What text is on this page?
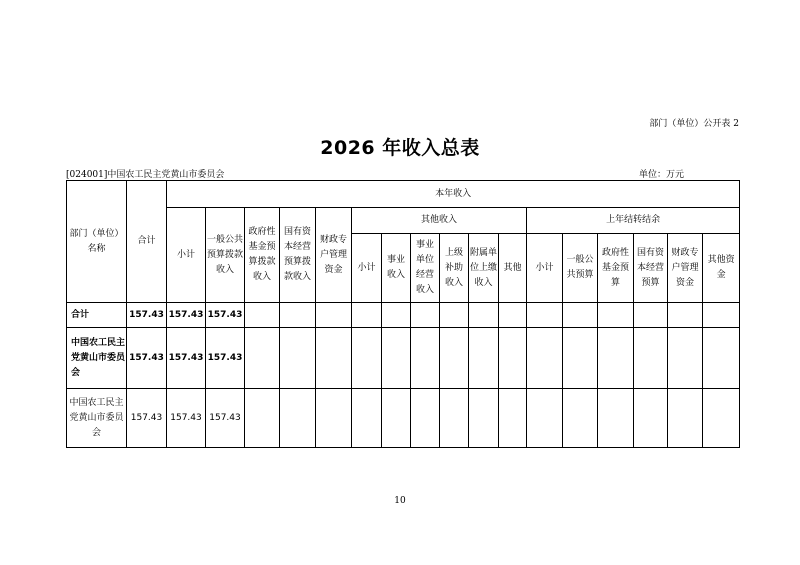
部门（单位）公开表 2
2026 年收入总表
[024001]中国农工民主党黄山市委员会	单位：万元
部门（单位）名称	合计	本年收入																
		小计	一般公共预算拨款收入	政府性基金预算拨款收入	国有资本经营预算拨款收入	财政专户管理资金	其他收入						上年结转结余					
							小计	事业收入	事业单位经营收入	上级补助收入	附属单位上缴收入	其他	小计	一般公共预算	政府性基金预算	国有资本经营预算	财政专户管理资金	其他资金
合计	157.43	157.43	157.43															
中国农工民主党黄山市委员会	157.43	157.43	157.43															
中国农工民主党黄山市委员会	157.43	157.43	157.43															
10
